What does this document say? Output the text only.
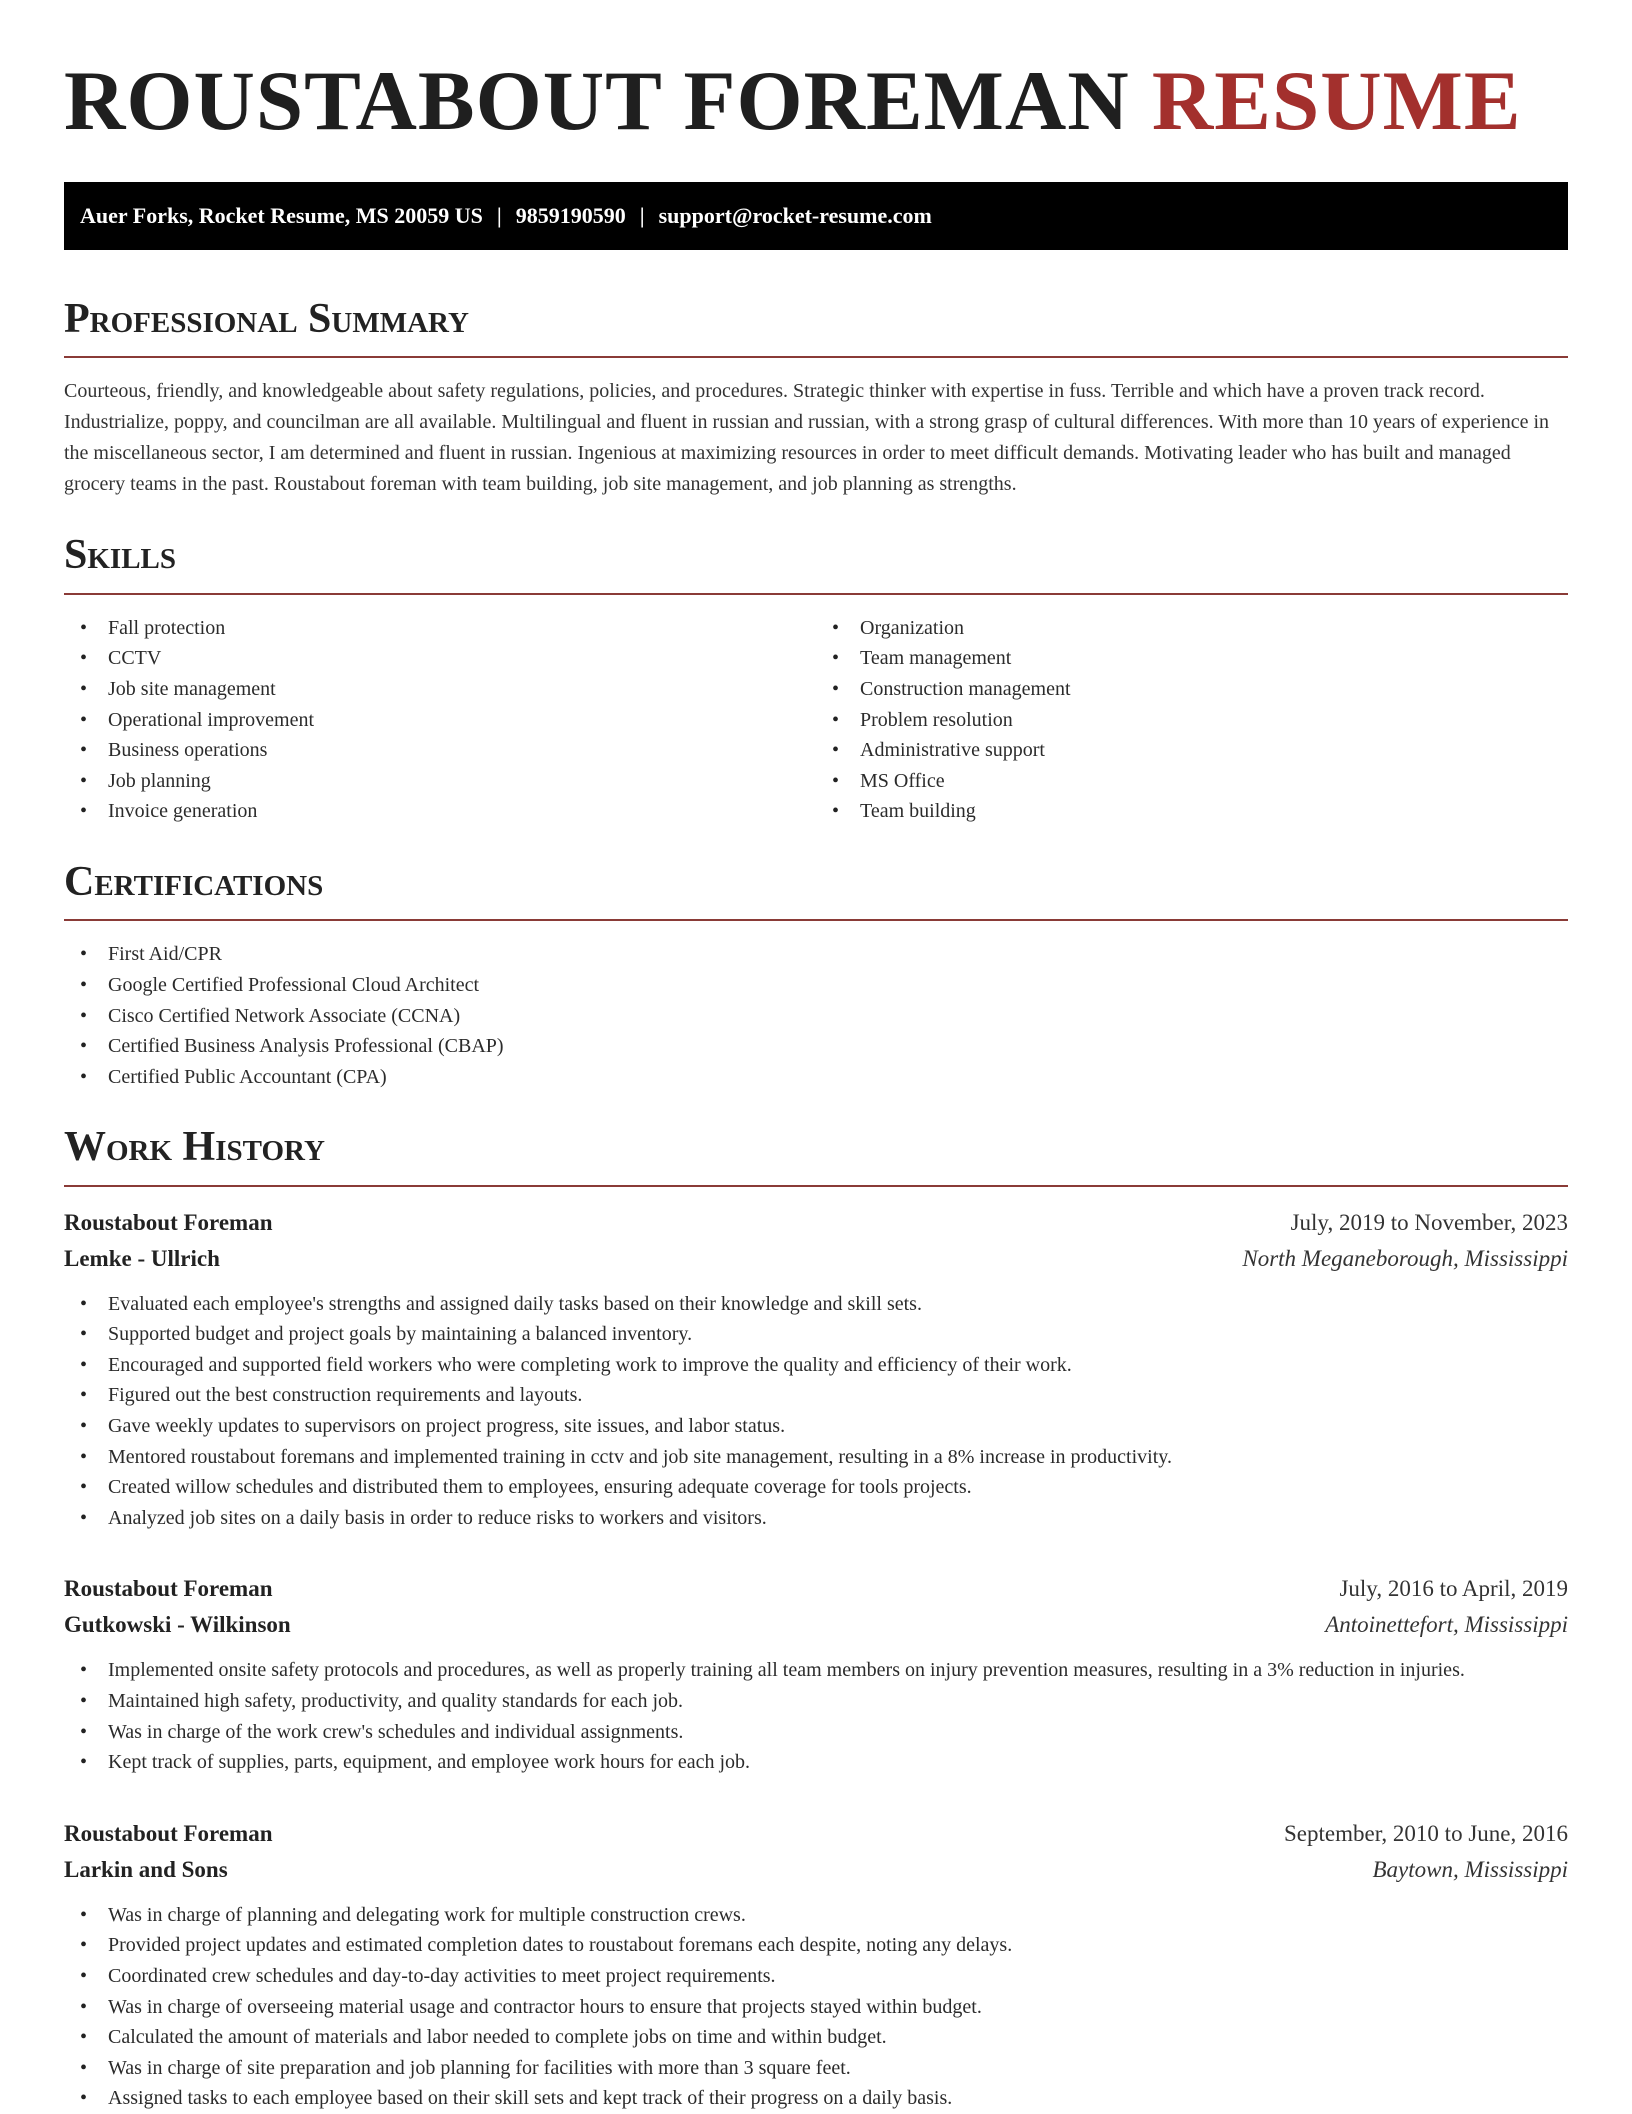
ROUSTABOUT FOREMAN RESUME
Auer Forks, Rocket Resume, MS 20059 US | 9859190590 | support@rocket-resume.com
Professional Summary

Courteous, friendly, and knowledgeable about safety regulations, policies, and procedures. Strategic thinker with expertise in fuss. Terrible and which have a proven track record. Industrialize, poppy, and councilman are all available. Multilingual and fluent in russian and russian, with a strong grasp of cultural differences. With more than 10 years of experience in the miscellaneous sector, I am determined and fluent in russian. Ingenious at maximizing resources in order to meet difficult demands. Motivating leader who has built and managed grocery teams in the past. Roustabout foreman with team building, job site management, and job planning as strengths.

Skills
• Fall protection
• CCTV
• Job site management
• Operational improvement
• Business operations
• Job planning
• Invoice generation
• Organization
• Team management
• Construction management
• Problem resolution
• Administrative support
• MS Office
• Team building
Certifications
• First Aid/CPR
• Google Certified Professional Cloud Architect
• Cisco Certified Network Associate (CCNA)
• Certified Business Analysis Professional (CBAP)
• Certified Public Accountant (CPA)
Work History
Roustabout Foreman	July, 2019 to November, 2023
Lemke - Ullrich	North Meganeborough, Mississippi
• Evaluated each employee's strengths and assigned daily tasks based on their knowledge and skill sets.
• Supported budget and project goals by maintaining a balanced inventory.
• Encouraged and supported field workers who were completing work to improve the quality and efficiency of their work.
• Figured out the best construction requirements and layouts.
• Gave weekly updates to supervisors on project progress, site issues, and labor status.
• Mentored roustabout foremans and implemented training in cctv and job site management, resulting in a 8% increase in productivity.
• Created willow schedules and distributed them to employees, ensuring adequate coverage for tools projects.
• Analyzed job sites on a daily basis in order to reduce risks to workers and visitors.
Roustabout Foreman	July, 2016 to April, 2019
Gutkowski - Wilkinson	Antoinettefort, Mississippi
• Implemented onsite safety protocols and procedures, as well as properly training all team members on injury prevention measures, resulting in a 3% reduction in injuries.
• Maintained high safety, productivity, and quality standards for each job.
• Was in charge of the work crew's schedules and individual assignments.
• Kept track of supplies, parts, equipment, and employee work hours for each job.
Roustabout Foreman	September, 2010 to June, 2016
Larkin and Sons	Baytown, Mississippi
• Was in charge of planning and delegating work for multiple construction crews.
• Provided project updates and estimated completion dates to roustabout foremans each despite, noting any delays.
• Coordinated crew schedules and day-to-day activities to meet project requirements.
• Was in charge of overseeing material usage and contractor hours to ensure that projects stayed within budget.
• Calculated the amount of materials and labor needed to complete jobs on time and within budget.
• Was in charge of site preparation and job planning for facilities with more than 3 square feet.
• Assigned tasks to each employee based on their skill sets and kept track of their progress on a daily basis.
